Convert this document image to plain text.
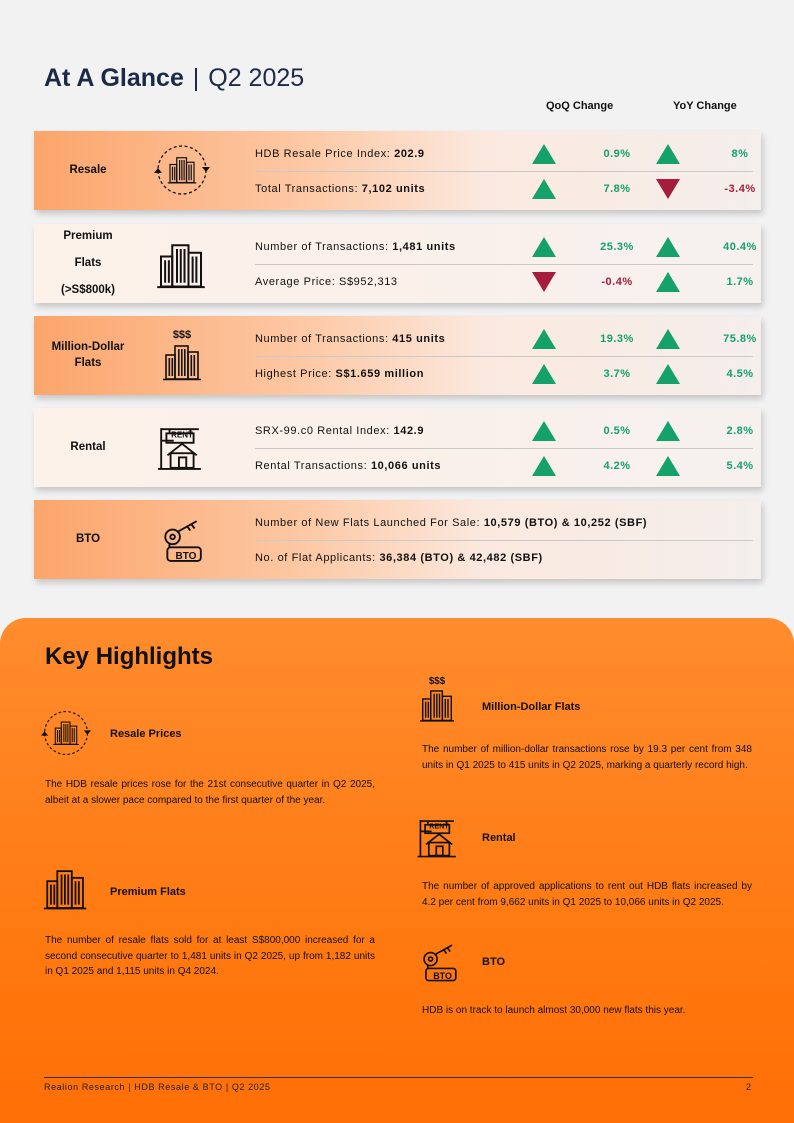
At A Glance | Q2 2025
QoQ Change	YoY Change
Resale
HDB Resale Price Index: 202.9	0.9%	8%
Total Transactions: 7,102 units	7.8%	-3.4%
Premium
Flats
(>S$800k)
Number of Transactions: 1,481 units	25.3%	40.4%
Average Price: S$952,313	-0.4%	1.7%
Million-Dollar
Flats
$$$	Number of Transactions: 415 units	19.3%	75.8%
Highest Price: S$1.659 million	3.7%	4.5%
Rental
RENT	SRX-99.c0 Rental Index: 142.9	0.5%	2.8%
Rental Transactions: 10,066 units	4.2%	5.4%
BTO
BTO
Number of New Flats Launched For Sale: 10,579 (BTO) & 10,252 (SBF)
No. of Flat Applicants: 36,384 (BTO) & 42,482 (SBF)
Key Highlights
Resale Prices
The HDB resale prices rose for the 21st consecutive quarter in Q2 2025, albeit at a slower pace compared to the first quarter of the year.
Premium Flats
The number of resale flats sold for at least S$800,000 increased for a second consecutive quarter to 1,481 units in Q2 2025, up from 1,182 units in Q1 2025 and 1,115 units in Q4 2024.
$$$
Million-Dollar Flats
The number of million-dollar transactions rose by 19.3 per cent from 348 units in Q1 2025 to 415 units in Q2 2025, marking a quarterly record high.
RENT
Rental
The number of approved applications to rent out HDB flats increased by 4.2 per cent from 9,662 units in Q1 2025 to 10,066 units in Q2 2025.
BTO
BTO
HDB is on track to launch almost 30,000 new flats this year.
Realion Research | HDB Resale & BTO | Q2 2025	2
